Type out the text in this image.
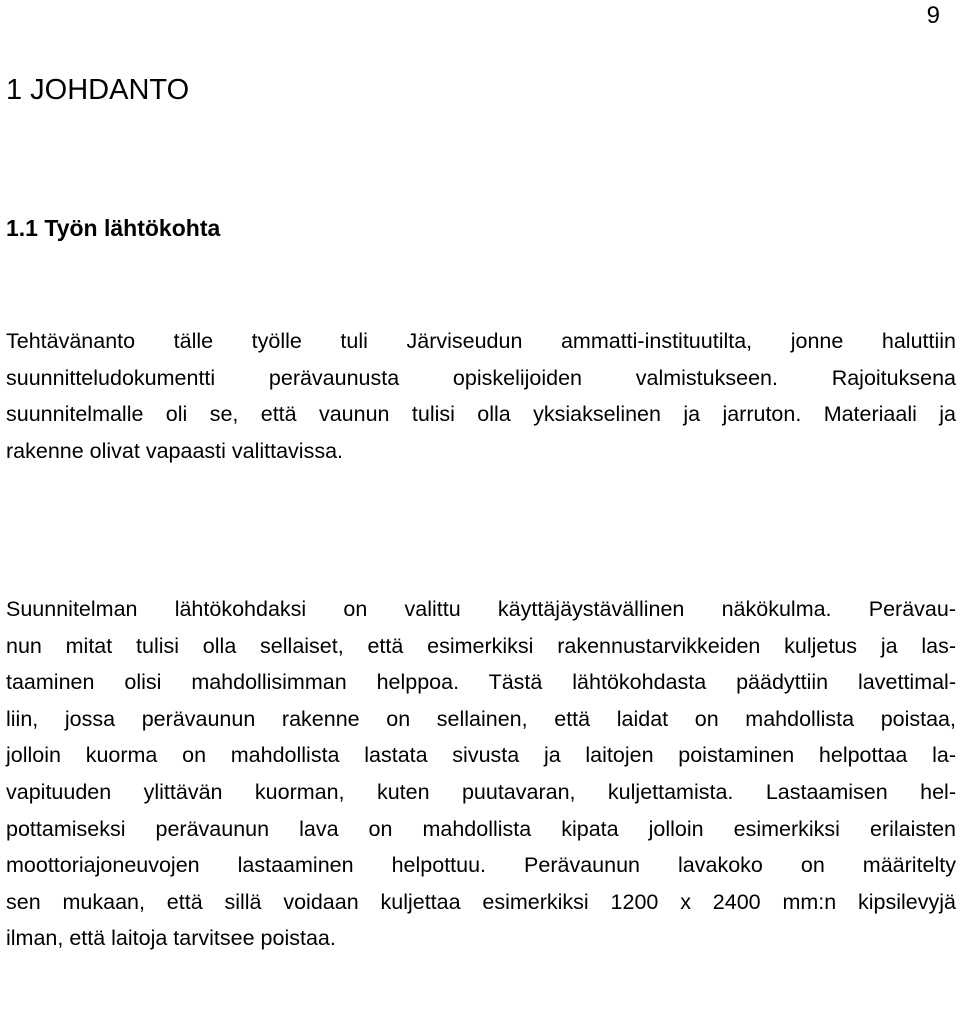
9
1 JOHDANTO
1.1 Työn lähtökohta
Tehtävänanto tälle työlle tuli Järviseudun ammatti-instituutilta, jonne haluttiin
suunnitteludokumentti perävaunusta opiskelijoiden valmistukseen. Rajoituksena
suunnitelmalle oli se, että vaunun tulisi olla yksiakselinen ja jarruton. Materiaali ja
rakenne olivat vapaasti valittavissa.
Suunnitelman lähtökohdaksi on valittu käyttäjäystävällinen näkökulma. Perävau-
nun mitat tulisi olla sellaiset, että esimerkiksi rakennustarvikkeiden kuljetus ja las-
taaminen olisi mahdollisimman helppoa. Tästä lähtökohdasta päädyttiin lavettimal-
liin, jossa perävaunun rakenne on sellainen, että laidat on mahdollista poistaa,
jolloin kuorma on mahdollista lastata sivusta ja laitojen poistaminen helpottaa la-
vapituuden ylittävän kuorman, kuten puutavaran, kuljettamista. Lastaamisen hel-
pottamiseksi perävaunun lava on mahdollista kipata jolloin esimerkiksi erilaisten
moottoriajoneuvojen lastaaminen helpottuu. Perävaunun lavakoko on määritelty
sen mukaan, että sillä voidaan kuljettaa esimerkiksi 1200 x 2400 mm:n kipsilevyjä
ilman, että laitoja tarvitsee poistaa.
